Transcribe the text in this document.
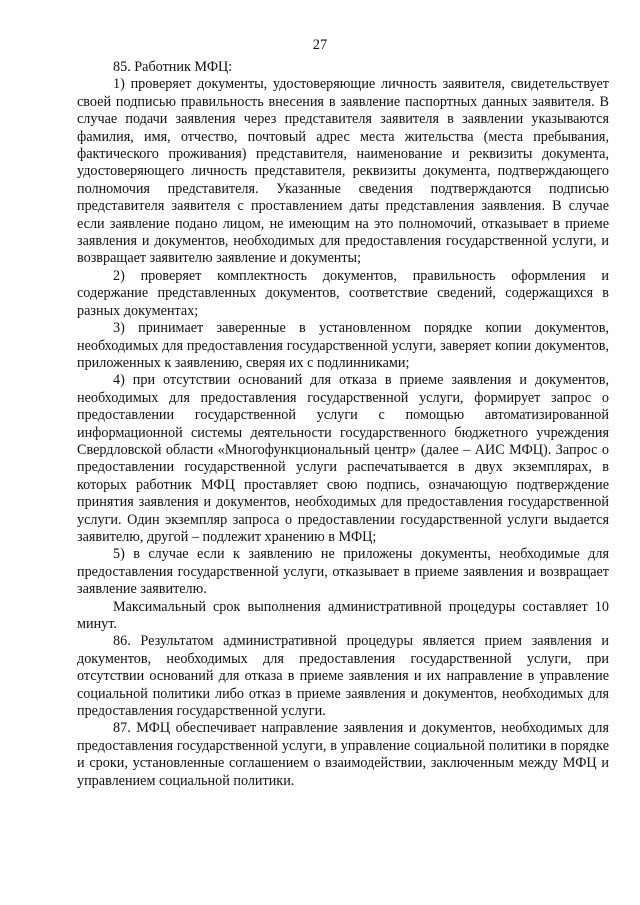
27

85. Работник МФЦ:

1) проверяет документы, удостоверяющие личность заявителя, свидетельствует своей подписью правильность внесения в заявление паспортных данных заявителя. В случае подачи заявления через представителя заявителя в заявлении указываются фамилия, имя, отчество, почтовый адрес места жительства (места пребывания, фактического проживания) представителя, наименование и реквизиты документа, удостоверяющего личность представителя, реквизиты документа, подтверждающего полномочия представителя. Указанные сведения подтверждаются подписью представителя заявителя с проставлением даты представления заявления. В случае если заявление подано лицом, не имеющим на это полномочий, отказывает в приеме заявления и документов, необходимых для предоставления государственной услуги, и возвращает заявителю заявление и документы;

2) проверяет комплектность документов, правильность оформления и содержание представленных документов, соответствие сведений, содержащихся в разных документах;

3) принимает заверенные в установленном порядке копии документов, необходимых для предоставления государственной услуги, заверяет копии документов, приложенных к заявлению, сверяя их с подлинниками;

4) при отсутствии оснований для отказа в приеме заявления и документов, необходимых для предоставления государственной услуги, формирует запрос о предоставлении государственной услуги с помощью автоматизированной информационной системы деятельности государственного бюджетного учреждения Свердловской области «Многофункциональный центр» (далее – АИС МФЦ). Запрос о предоставлении государственной услуги распечатывается в двух экземплярах, в которых работник МФЦ проставляет свою подпись, означающую подтверждение принятия заявления и документов, необходимых для предоставления государственной услуги. Один экземпляр запроса о предоставлении государственной услуги выдается заявителю, другой – подлежит хранению в МФЦ;

5) в случае если к заявлению не приложены документы, необходимые для предоставления государственной услуги, отказывает в приеме заявления и возвращает заявление заявителю.

Максимальный срок выполнения административной процедуры составляет 10 минут.

86. Результатом административной процедуры является прием заявления и документов, необходимых для предоставления государственной услуги, при отсутствии оснований для отказа в приеме заявления и их направление в управление социальной политики либо отказ в приеме заявления и документов, необходимых для предоставления государственной услуги.

87. МФЦ обеспечивает направление заявления и документов, необходимых для предоставления государственной услуги, в управление социальной политики в порядке и сроки, установленные соглашением о взаимодействии, заключенным между МФЦ и управлением социальной политики.
